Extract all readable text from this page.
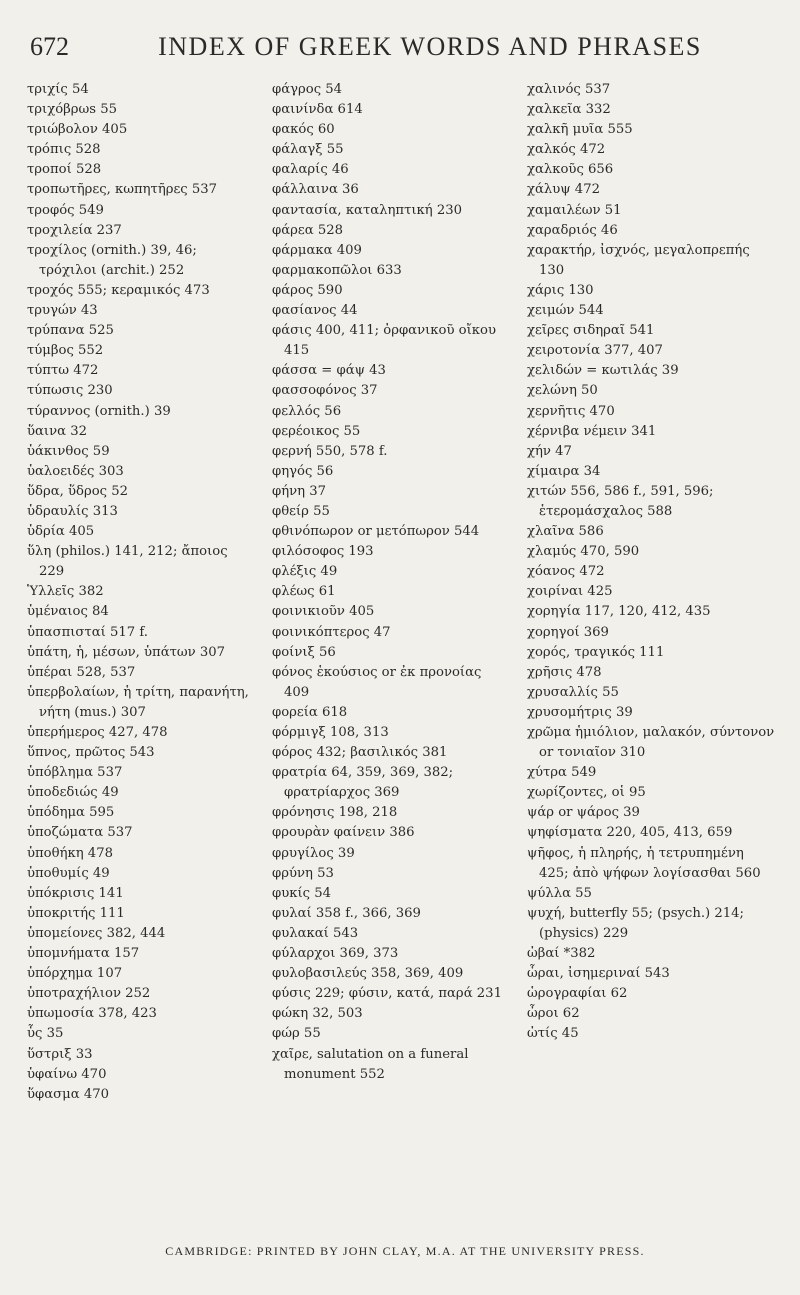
672	INDEX OF GREEK WORDS AND PHRASES
τριχίς 54
τριχόβρωs 55
τριώβολον 405
τρόπις 528
τροποί 528
τροπωτῆρες, κωπητῆρες 537
τροφός 549
τροχιλεία 237
τροχίλος (ornith.) 39, 46; τρόχιλοι (archit.) 252
τροχός 555; κεραμικός 473
τρυγών 43
τρύπανα 525
τύμβος 552
τύπτω 472
τύπωσις 230
τύραννος (ornith.) 39
ὕαινα 32
ὑάκινθος 59
ὑαλοειδές 303
ὕδρα, ὕδρος 52
ὑδραυλίς 313
ὑδρία 405
ὕλη (philos.) 141, 212; ἄποιος 229
Ὑλλεῖς 382
ὑμέναιος 84
ὑπασπισταί 517 f.
ὑπάτη, ἡ, μέσων, ὑπάτων 307
ὑπέραι 528, 537
ὑπερβολαίων, ἡ τρίτη, παρανήτη, νήτη (mus.) 307
ὑπερήμερος 427, 478
ὕπνος, πρῶτος 543
ὑπόβλημα 537
ὑποδεδιώς 49
ὑπόδημα 595
ὑποζώματα 537
ὑποθήκη 478
ὑποθυμίς 49
ὑπόκρισις 141
ὑποκριτής 111
ὑπομείονες 382, 444
ὑπομνήματα 157
ὑπόρχημα 107
ὑποτραχήλιον 252
ὑπωμοσία 378, 423
ὗς 35
ὕστριξ 33
ὑφαίνω 470
ὕφασμα 470
φάγρος 54
φαινίνδα 614
φακός 60
φάλαγξ 55
φαλαρίς 46
φάλλαινα 36
φαντασία, καταληπτική 230
φάρεα 528
φάρμακα 409
φαρμακοπῶλοι 633
φάρος 590
φασίανος 44
φάσις 400, 411; ὀρφανικοῦ οἴκου 415
φάσσα = φάψ 43
φασσοφόνος 37
φελλός 56
φερέοικος 55
φερνή 550, 578 f.
φηγός 56
φήνη 37
φθείρ 55
φθινόπωρον or μετόπωρον 544
φιλόσοφος 193
φλέξις 49
φλέως 61
φοινικιοῦν 405
φοινικόπτερος 47
φοίνιξ 56
φόνος ἑκούσιος or ἐκ προνοίας 409
φορεία 618
φόρμιγξ 108, 313
φόρος 432; βασιλικός 381
φρατρία 64, 359, 369, 382; φρατρίαρχος 369
φρόνησις 198, 218
φρουρὰν φαίνειν 386
φρυγίλος 39
φρύνη 53
φυκίς 54
φυλαί 358 f., 366, 369
φυλακαί 543
φύλαρχοι 369, 373
φυλοβασιλεύς 358, 369, 409
φύσις 229; φύσιν, κατά, παρά 231
φώκη 32, 503
φώρ 55
χαῖρε, salutation on a funeral monument 552
χαλινός 537
χαλκεῖα 332
χαλκῆ μυῖα 555
χαλκός 472
χαλκοῦς 656
χάλυψ 472
χαμαιλέων 51
χαραδριός 46
χαρακτήρ, ἰσχνός, μεγαλοπρεπής 130
χάρις 130
χειμών 544
χεῖρες σιδηραῖ 541
χειροτονία 377, 407
χελιδών = κωτιλάς 39
χελώνη 50
χερνῆτις 470
χέρνιβα νέμειν 341
χήν 47
χίμαιρα 34
χιτών 556, 586 f., 591, 596; ἑτερομάσχαλος 588
χλαῖνα 586
χλαμύς 470, 590
χόανος 472
χοιρίναι 425
χορηγία 117, 120, 412, 435
χορηγοί 369
χορός, τραγικός 111
χρῆσις 478
χρυσαλλίς 55
χρυσομήτρις 39
χρῶμα ἡμιόλιον, μαλακόν, σύντονον or τονιαῖον 310
χύτρα 549
χωρίζοντες, οἱ 95
ψάρ or ψάρος 39
ψηφίσματα 220, 405, 413, 659
ψῆφος, ἡ πληρής, ἡ τετρυπημένη 425; ἀπὸ ψήφων λογίσασθαι 560
ψύλλα 55
ψυχή, butterfly 55; (psych.) 214; (physics) 229
ὠβαί *382
ὧραι, ἰσημεριναί 543
ὡρογραφίαι 62
ὦροι 62
ὠτίς 45
CAMBRIDGE: PRINTED BY JOHN CLAY, M.A. AT THE UNIVERSITY PRESS.
